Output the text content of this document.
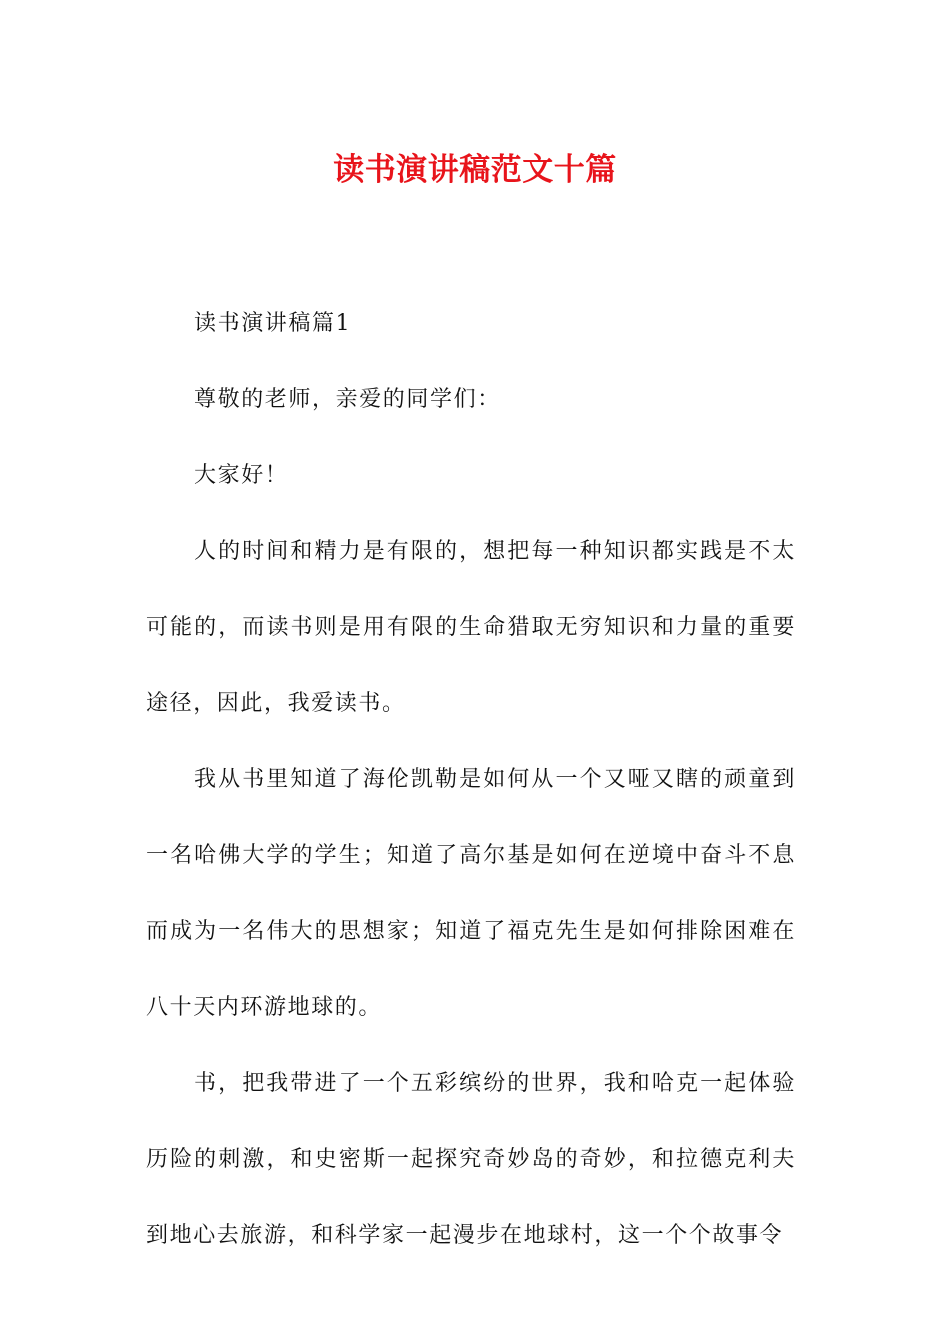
读书演讲稿范文十篇

读书演讲稿篇1

尊敬的老师，亲爱的同学们：

大家好！

人的时间和精力是有限的，想把每一种知识都实践是不太可能的，而读书则是用有限的生命猎取无穷知识和力量的重要途径，因此，我爱读书。

我从书里知道了海伦凯勒是如何从一个又哑又瞎的顽童到一名哈佛大学的学生；知道了高尔基是如何在逆境中奋斗不息而成为一名伟大的思想家；知道了福克先生是如何排除困难在八十天内环游地球的。

书，把我带进了一个五彩缤纷的世界，我和哈克一起体验历险的刺激，和史密斯一起探究奇妙岛的奇妙，和拉德克利夫到地心去旅游，和科学家一起漫步在地球村，这一个个故事令
